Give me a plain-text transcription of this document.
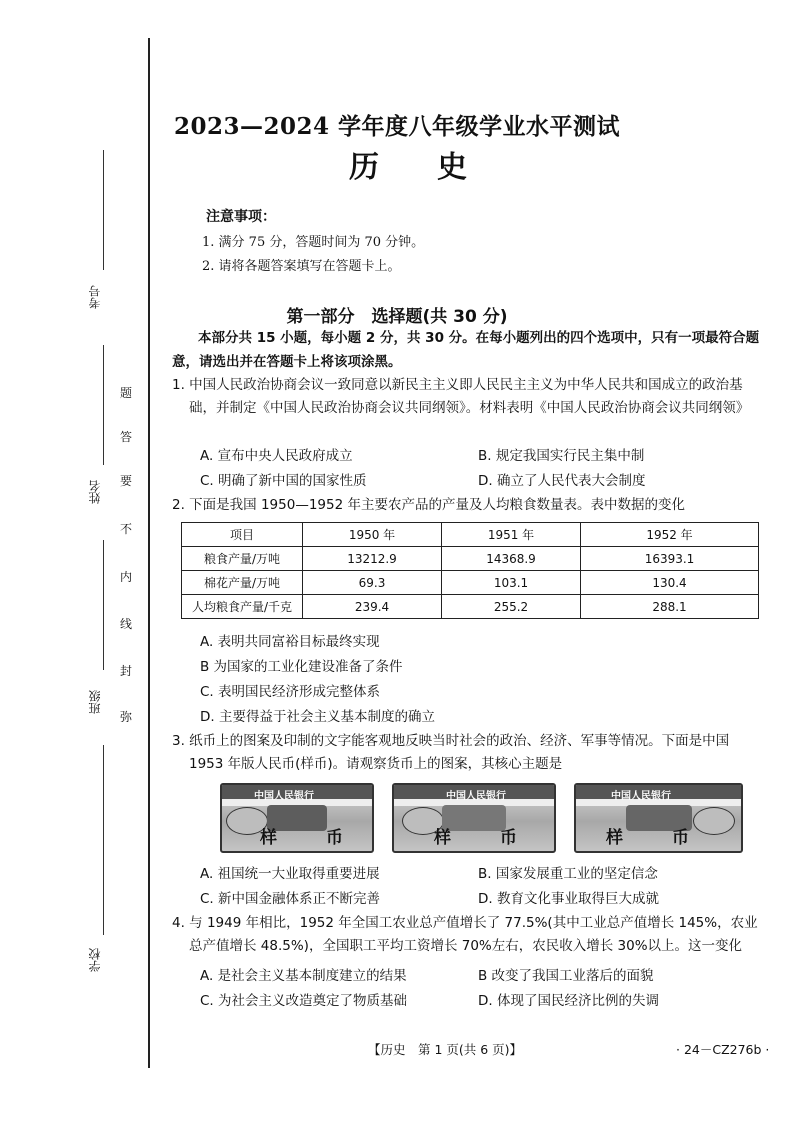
考号
姓名
班级
学校
题
答
要
不
内
线
封
弥
2023—2024 学年度八年级学业水平测试
历史
注意事项：
1. 满分 75 分，答题时间为 70 分钟。
2. 请将各题答案填写在答题卡上。
第一部分　选择题(共 30 分)
本部分共 15 小题，每小题 2 分，共 30 分。在每小题列出的四个选项中，只有一项最符合题意，请选出并在答题卡上将该项涂黑。
1. 中国人民政治协商会议一致同意以新民主主义即人民民主主义为中华人民共和国成立的政治基础，并制定《中国人民政治协商会议共同纲领》。材料表明《中国人民政治协商会议共同纲领》
A. 宣布中央人民政府成立	B. 规定我国实行民主集中制
C. 明确了新中国的国家性质	D. 确立了人民代表大会制度
2. 下面是我国 1950—1952 年主要农产品的产量及人均粮食数量表。表中数据的变化
项目	1950 年	1951 年	1952 年
粮食产量/万吨	13212.9	14368.9	16393.1
棉花产量/万吨	69.3	103.1	130.4
人均粮食产量/千克	239.4	255.2	288.1
A. 表明共同富裕目标最终实现
B 为国家的工业化建设准备了条件
C. 表明国民经济形成完整体系
D. 主要得益于社会主义基本制度的确立
3. 纸币上的图案及印制的文字能客观地反映当时社会的政治、经济、军事等情况。下面是中国 1953 年版人民币(样币)。请观察货币上的图案，其核心主题是
中国人民银行
样　币
中国人民银行
样　币
中国人民银行
样　币
A. 祖国统一大业取得重要进展	B. 国家发展重工业的坚定信念
C. 新中国金融体系正不断完善	D. 教育文化事业取得巨大成就
4. 与 1949 年相比，1952 年全国工农业总产值增长了 77.5%(其中工业总产值增长 145%，农业总产值增长 48.5%)，全国职工平均工资增长 70%左右，农民收入增长 30%以上。这一变化
A. 是社会主义基本制度建立的结果	B 改变了我国工业落后的面貌
C. 为社会主义改造奠定了物质基础	D. 体现了国民经济比例的失调
【历史　第 1 页(共 6 页)】	· 24－CZ276b ·
